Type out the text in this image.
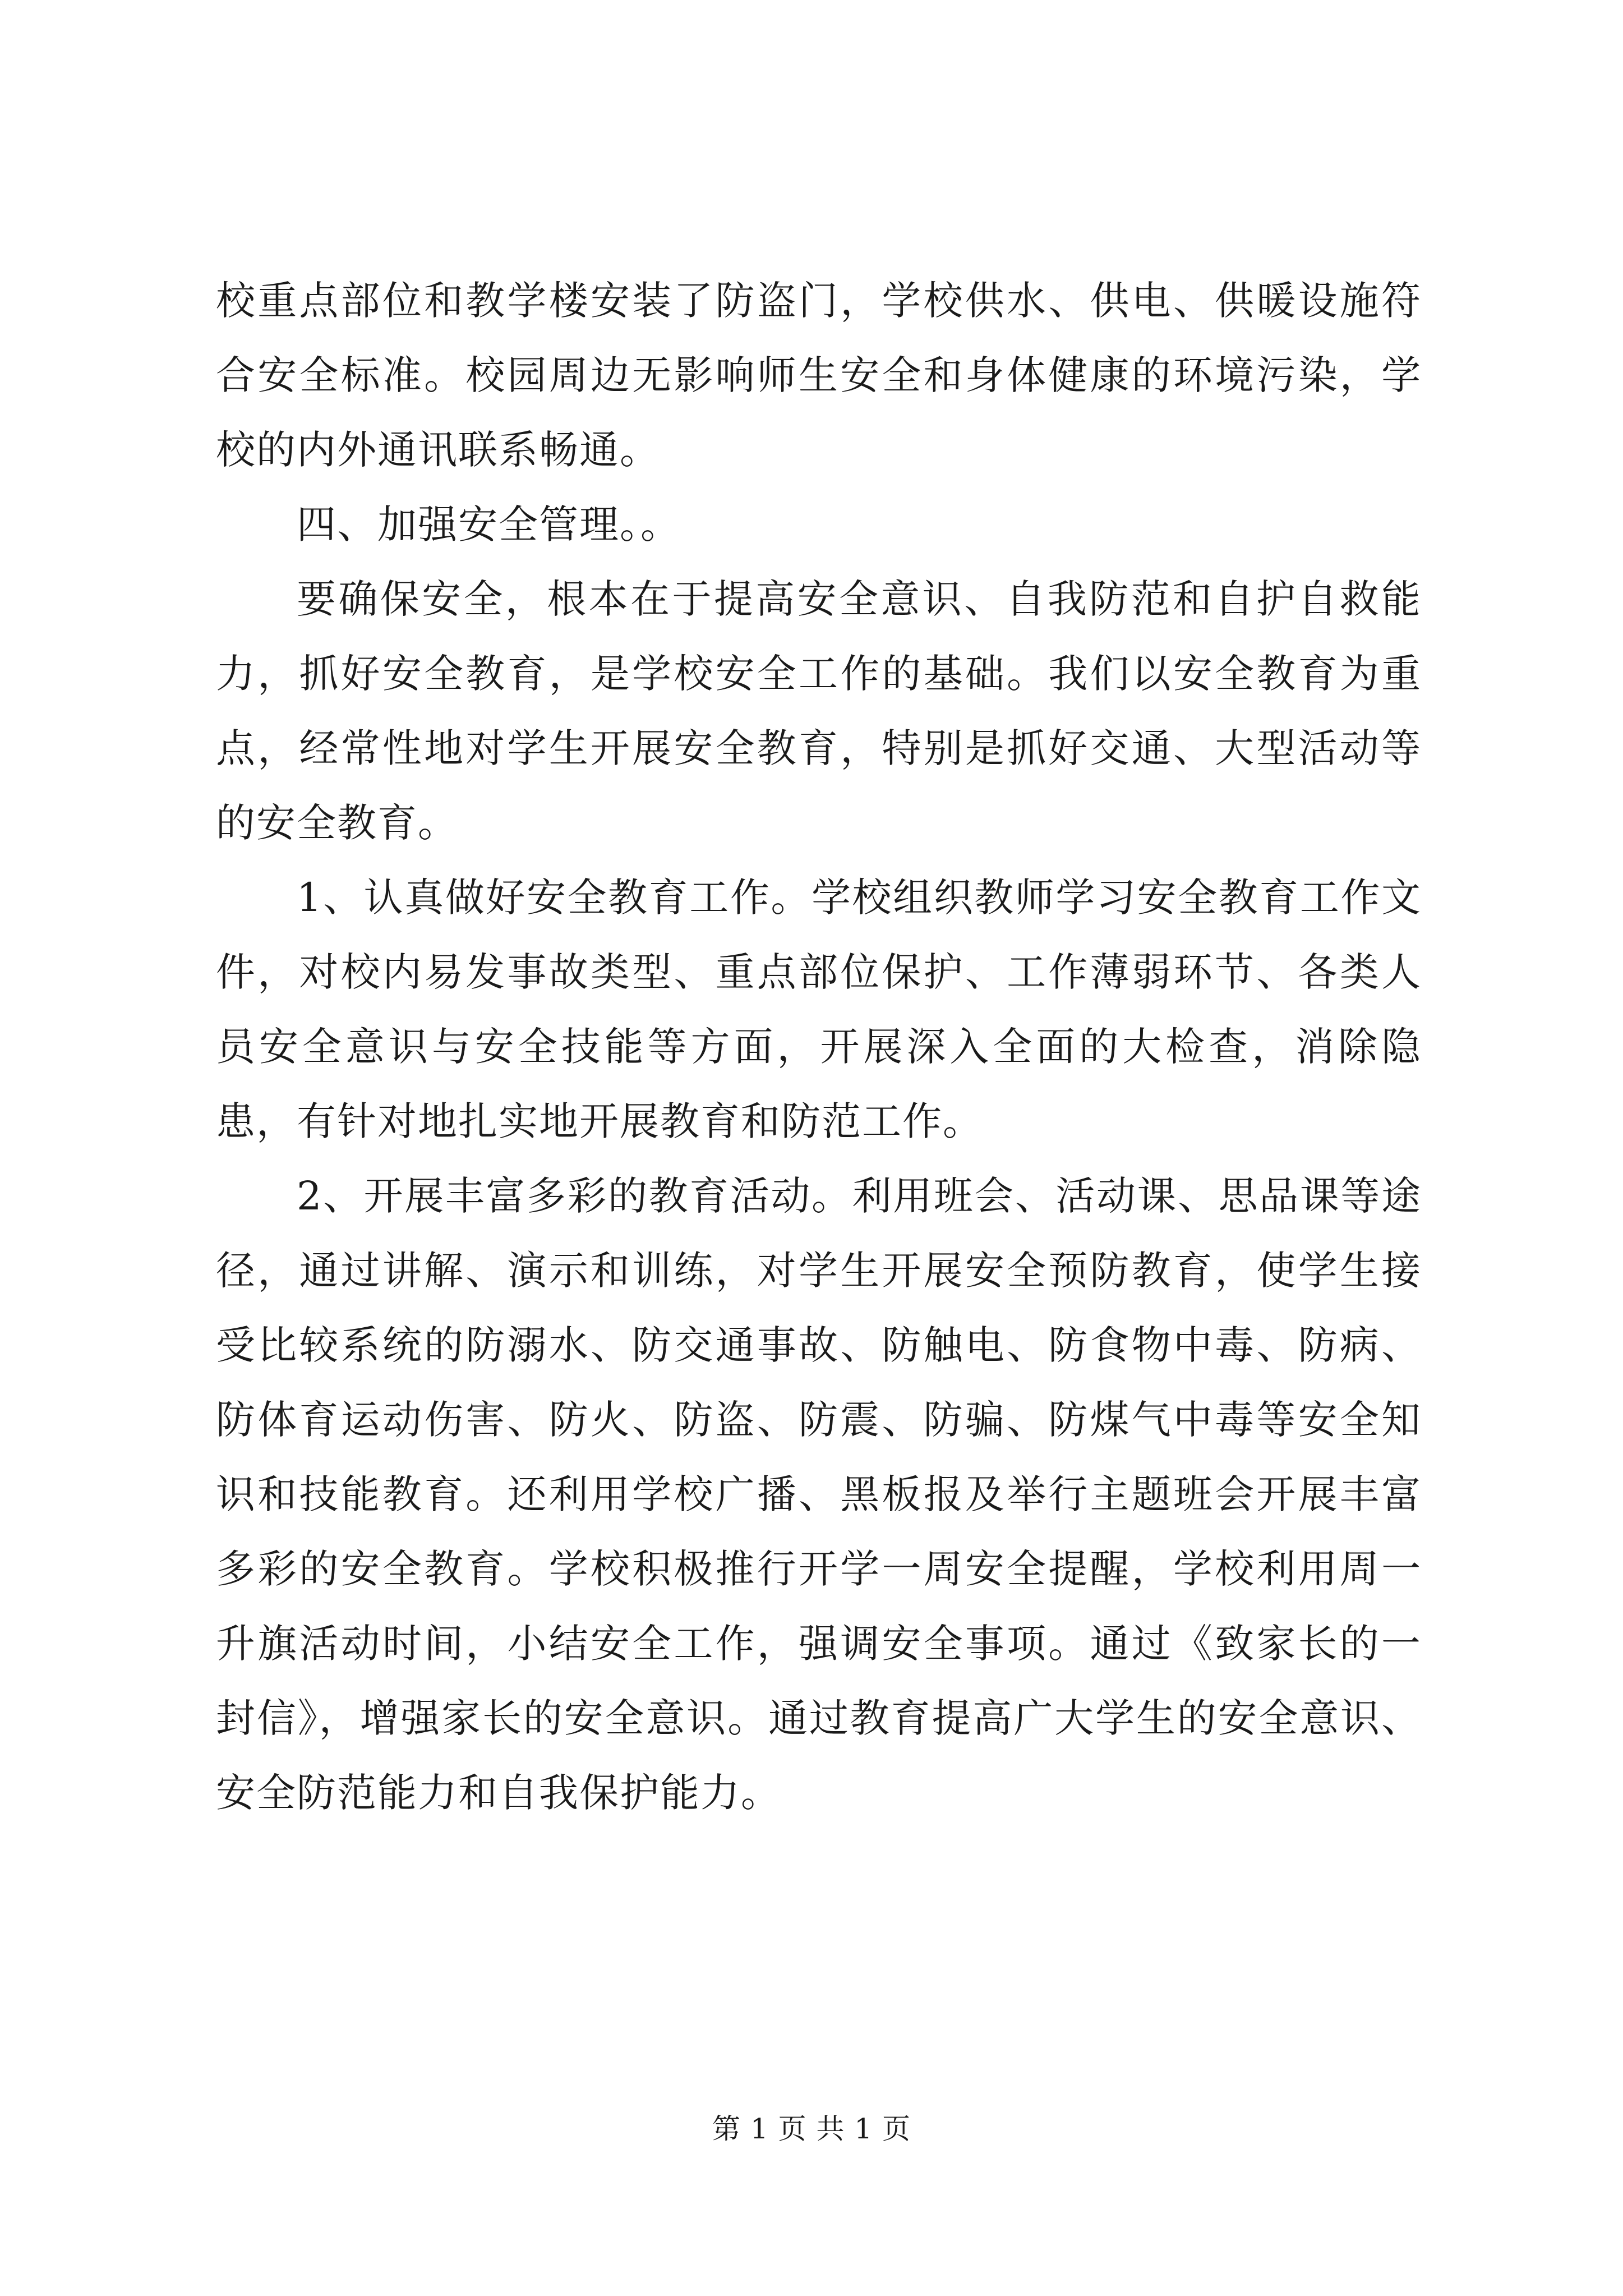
校重点部位和教学楼安装了防盗门，学校供水、供电、供暖设施符合安全标准。校园周边无影响师生安全和身体健康的环境污染，学校的内外通讯联系畅通。

四、加强安全管理。。

要确保安全，根本在于提高安全意识、自我防范和自护自救能力，抓好安全教育，是学校安全工作的基础。我们以安全教育为重点，经常性地对学生开展安全教育，特别是抓好交通、大型活动等的安全教育。

1、认真做好安全教育工作。学校组织教师学习安全教育工作文件，对校内易发事故类型、重点部位保护、工作薄弱环节、各类人员安全意识与安全技能等方面，开展深入全面的大检查，消除隐患，有针对地扎实地开展教育和防范工作。

2、开展丰富多彩的教育活动。利用班会、活动课、思品课等途径，通过讲解、演示和训练，对学生开展安全预防教育，使学生接受比较系统的防溺水、防交通事故、防触电、防食物中毒、防病、防体育运动伤害、防火、防盗、防震、防骗、防煤气中毒等安全知识和技能教育。还利用学校广播、黑板报及举行主题班会开展丰富多彩的安全教育。学校积极推行开学一周安全提醒，学校利用周一升旗活动时间，小结安全工作，强调安全事项。通过《致家长的一封信》，增强家长的安全意识。通过教育提高广大学生的安全意识、安全防范能力和自我保护能力。

第 1 页 共 1 页
